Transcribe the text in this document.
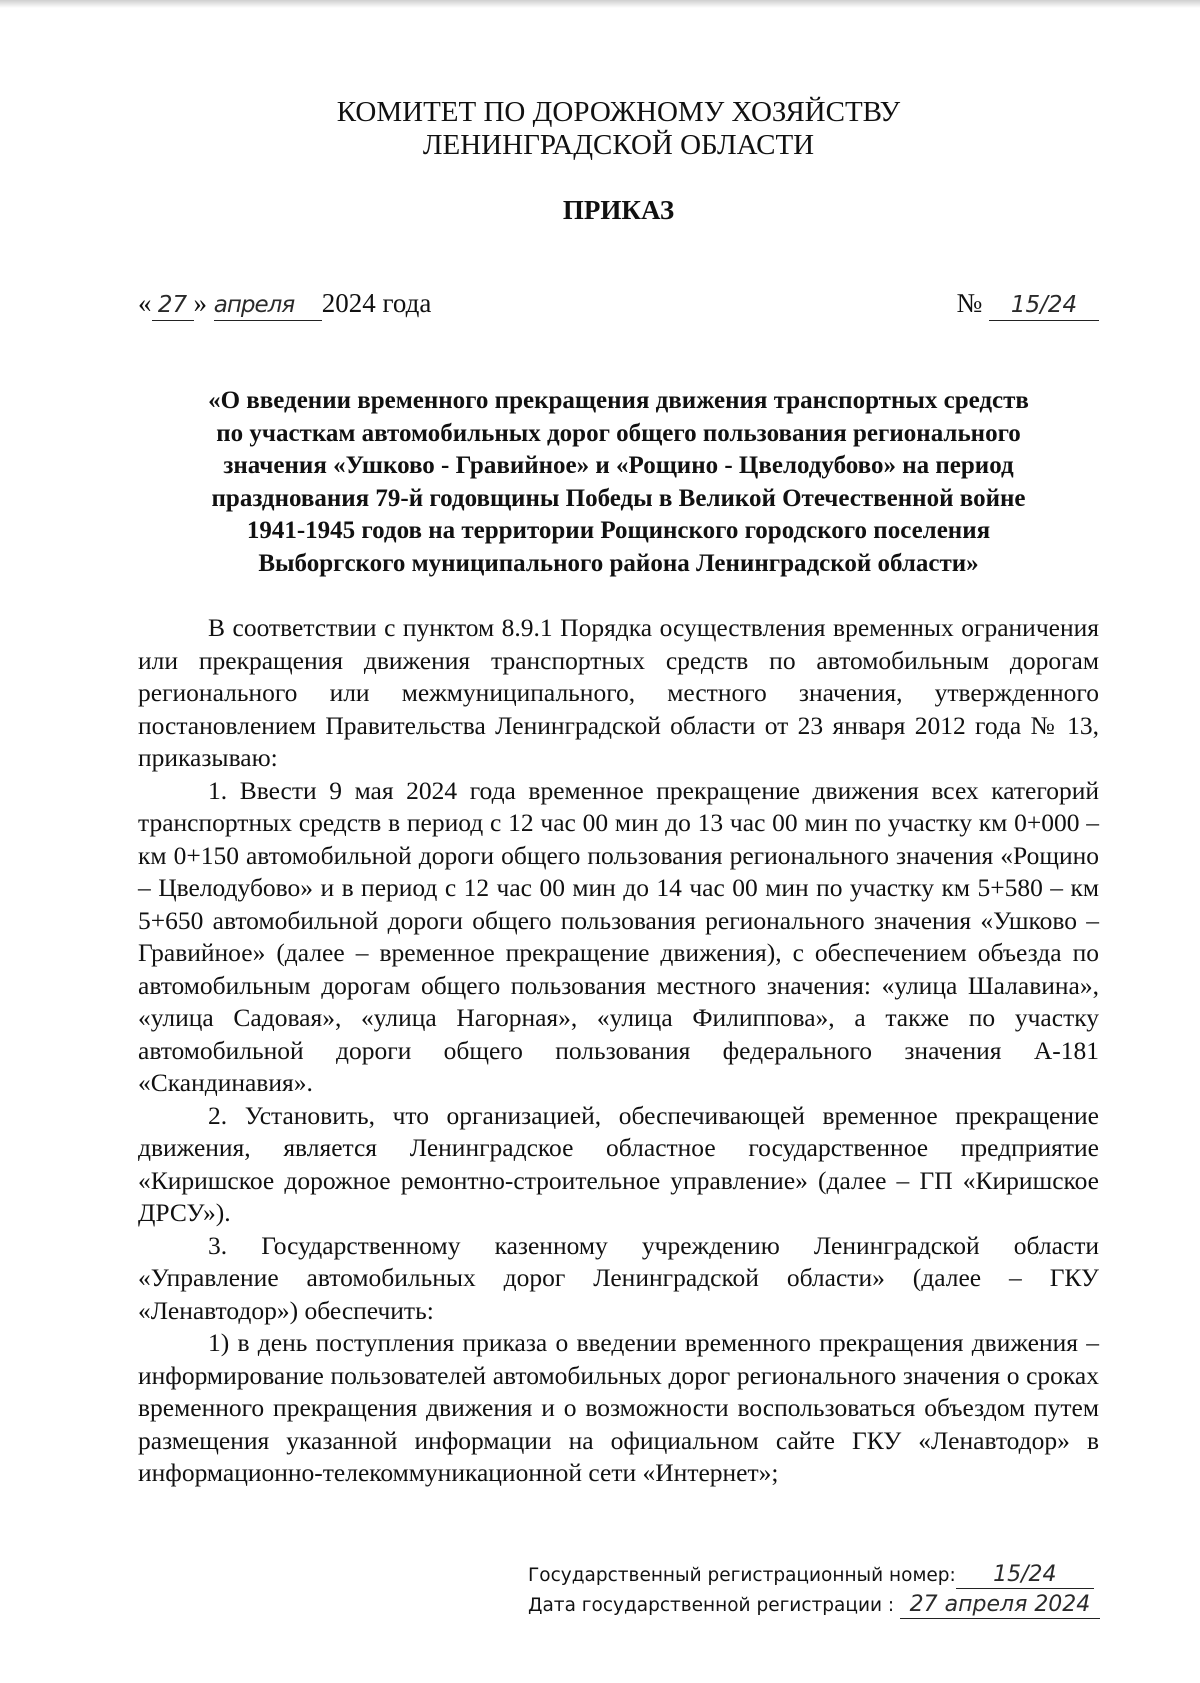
КОМИТЕТ ПО ДОРОЖНОМУ ХОЗЯЙСТВУ
ЛЕНИНГРАДСКОЙ ОБЛАСТИ
ПРИКАЗ
« 27 » апреля 2024 года	№ 15/24
«О введении временного прекращения движения транспортных средств
по участкам автомобильных дорог общего пользования регионального
значения «Ушково - Гравийное» и «Рощино - Цвелодубово» на период
празднования 79-й годовщины Победы в Великой Отечественной войне
1941-1945 годов на территории Рощинского городского поселения
Выборгского муниципального района Ленинградской области»

В соответствии с пунктом 8.9.1 Порядка осуществления временных ограничения или прекращения движения транспортных средств по автомобильным дорогам регионального или межмуниципального, местного значения, утвержденного постановлением Правительства Ленинградской области от 23 января 2012 года № 13, приказываю:

1. Ввести 9 мая 2024 года временное прекращение движения всех категорий транспортных средств в период с 12 час 00 мин до 13 час 00 мин по участку км 0+000 – км 0+150 автомобильной дороги общего пользования регионального значения «Рощино – Цвелодубово» и в период с 12 час 00 мин до 14 час 00 мин по участку км 5+580 – км 5+650 автомобильной дороги общего пользования регионального значения «Ушково – Гравийное» (далее – временное прекращение движения), с обеспечением объезда по автомобильным дорогам общего пользования местного значения: «улица Шалавина», «улица Садовая», «улица Нагорная», «улица Филиппова», а также по участку автомобильной дороги общего пользования федерального значения А-181 «Скандинавия».

2. Установить, что организацией, обеспечивающей временное прекращение движения, является Ленинградское областное государственное предприятие «Киришское дорожное ремонтно-строительное управление» (далее – ГП «Киришское ДРСУ»).

3. Государственному казенному учреждению Ленинградской области «Управление автомобильных дорог Ленинградской области» (далее – ГКУ «Ленавтодор») обеспечить:

1) в день поступления приказа о введении временного прекращения движения – информирование пользователей автомобильных дорог регионального значения о сроках временного прекращения движения и о возможности воспользоваться объездом путем размещения указанной информации на официальном сайте ГКУ «Ленавтодор» в информационно-телекоммуникационной сети «Интернет»;

Государственный регистрационный номер: 15/24
Дата государственной регистрации : 27 апреля 2024
